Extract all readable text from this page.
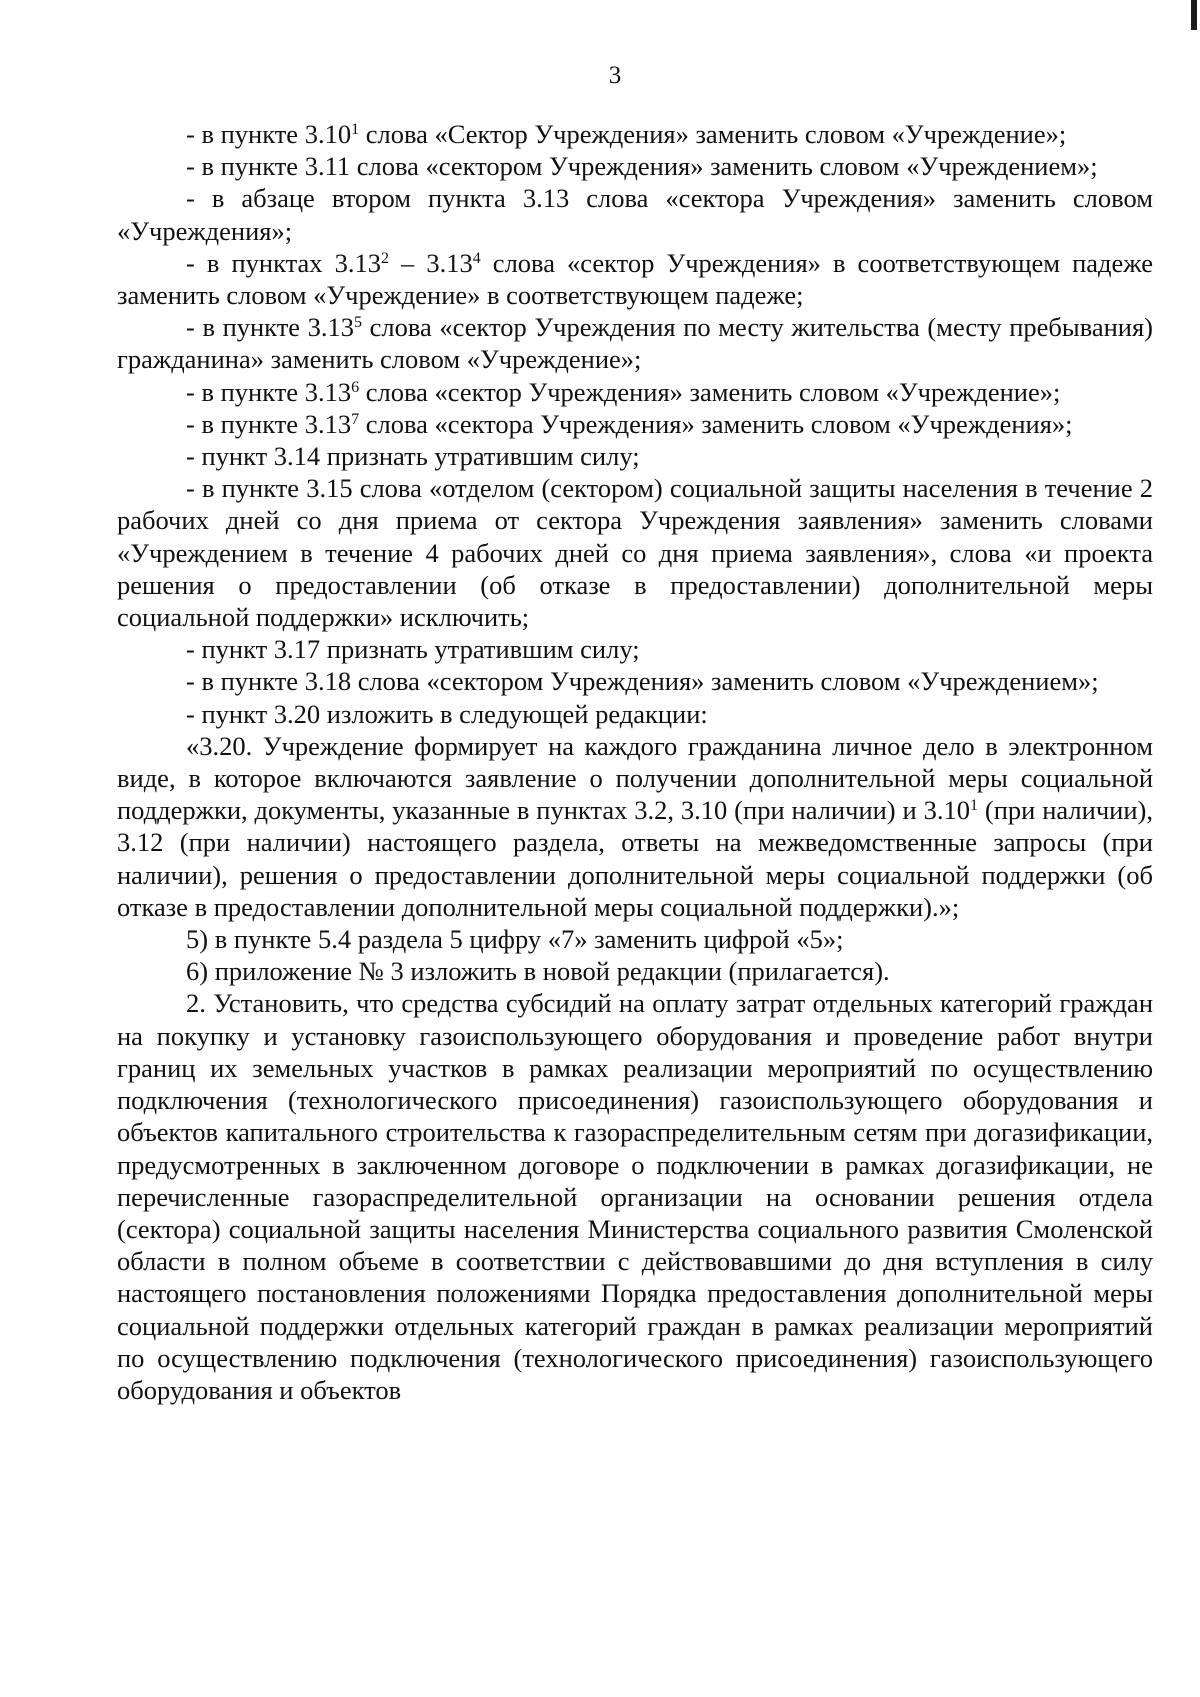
3

- в пункте 3.10$^1$ слова «Сектор Учреждения» заменить словом «Учреждение»;

- в пункте 3.11 слова «сектором Учреждения» заменить словом «Учреждением»;

- в абзаце втором пункта 3.13 слова «сектора Учреждения» заменить словом «Учреждения»;

- в пунктах 3.13$^2$ – 3.13$^4$ слова «сектор Учреждения» в соответствующем падеже заменить словом «Учреждение» в соответствующем падеже;

- в пункте 3.13$^5$ слова «сектор Учреждения по месту жительства (месту пребывания) гражданина» заменить словом «Учреждение»;

- в пункте 3.13$^6$ слова «сектор Учреждения» заменить словом «Учреждение»;

- в пункте 3.13$^7$ слова «сектора Учреждения» заменить словом «Учреждения»;

- пункт 3.14 признать утратившим силу;

- в пункте 3.15 слова «отделом (сектором) социальной защиты населения в течение 2 рабочих дней со дня приема от сектора Учреждения заявления» заменить словами «Учреждением в течение 4 рабочих дней со дня приема заявления», слова «и проекта решения о предоставлении (об отказе в предоставлении) дополнительной меры социальной поддержки» исключить;

- пункт 3.17 признать утратившим силу;

- в пункте 3.18 слова «сектором Учреждения» заменить словом «Учреждением»;

- пункт 3.20 изложить в следующей редакции:

«3.20. Учреждение формирует на каждого гражданина личное дело в электронном виде, в которое включаются заявление о получении дополнительной меры социальной поддержки, документы, указанные в пунктах 3.2, 3.10 (при наличии) и 3.10$^1$ (при наличии), 3.12 (при наличии) настоящего раздела, ответы на межведомственные запросы (при наличии), решения о предоставлении дополнительной меры социальной поддержки (об отказе в предоставлении дополнительной меры социальной поддержки).»;

5) в пункте 5.4 раздела 5 цифру «7» заменить цифрой «5»;

6) приложение № 3 изложить в новой редакции (прилагается).

2. Установить, что средства субсидий на оплату затрат отдельных категорий граждан на покупку и установку газоиспользующего оборудования и проведение работ внутри границ их земельных участков в рамках реализации мероприятий по осуществлению подключения (технологического присоединения) газоиспользующего оборудования и объектов капитального строительства к газораспределительным сетям при догазификации, предусмотренных в заключенном договоре о подключении в рамках догазификации, не перечисленные газораспределительной организации на основании решения отдела (сектора) социальной защиты населения Министерства социального развития Смоленской области в полном объеме в соответствии с действовавшими до дня вступления в силу настоящего постановления положениями Порядка предоставления дополнительной меры социальной поддержки отдельных категорий граждан в рамках реализации мероприятий по осуществлению подключения (технологического присоединения) газоиспользующего оборудования и объектов
